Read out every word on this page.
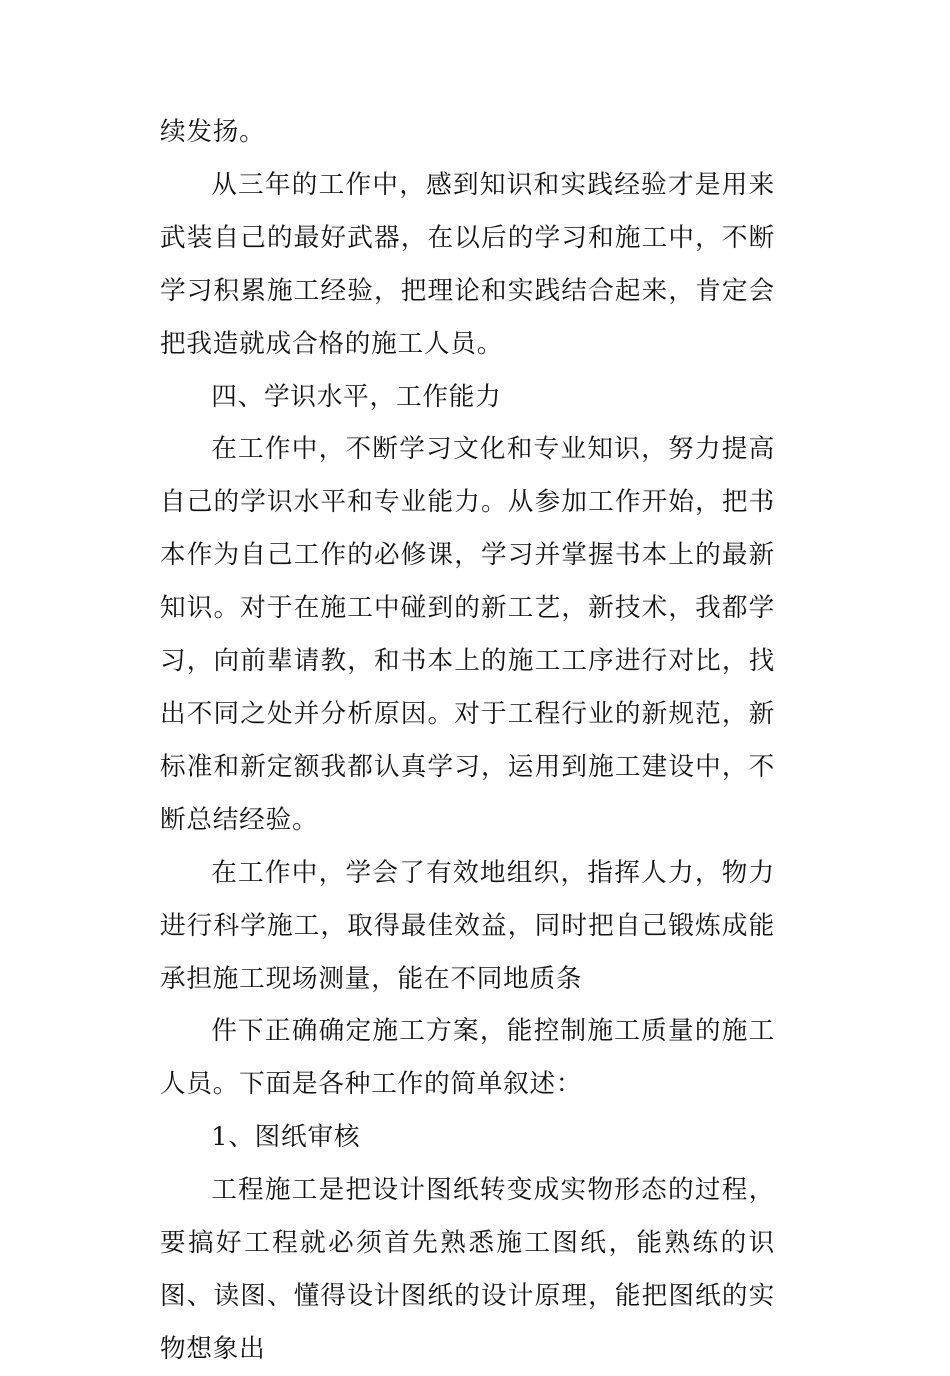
续发扬。

从三年的工作中，感到知识和实践经验才是用来武装自己的最好武器，在以后的学习和施工中，不断学习积累施工经验，把理论和实践结合起来，肯定会把我造就成合格的施工人员。

四、学识水平，工作能力

在工作中，不断学习文化和专业知识，努力提高自己的学识水平和专业能力。从参加工作开始，把书本作为自己工作的必修课，学习并掌握书本上的最新知识。对于在施工中碰到的新工艺，新技术，我都学习，向前辈请教，和书本上的施工工序进行对比，找出不同之处并分析原因。对于工程行业的新规范，新标准和新定额我都认真学习，运用到施工建设中，不断总结经验。

在工作中，学会了有效地组织，指挥人力，物力进行科学施工，取得最佳效益，同时把自己锻炼成能承担施工现场测量，能在不同地质条

件下正确确定施工方案，能控制施工质量的施工人员。下面是各种工作的简单叙述：

1、图纸审核

工程施工是把设计图纸转变成实物形态的过程，要搞好工程就必须首先熟悉施工图纸，能熟练的识图、读图、懂得设计图纸的设计原理，能把图纸的实物想象出
